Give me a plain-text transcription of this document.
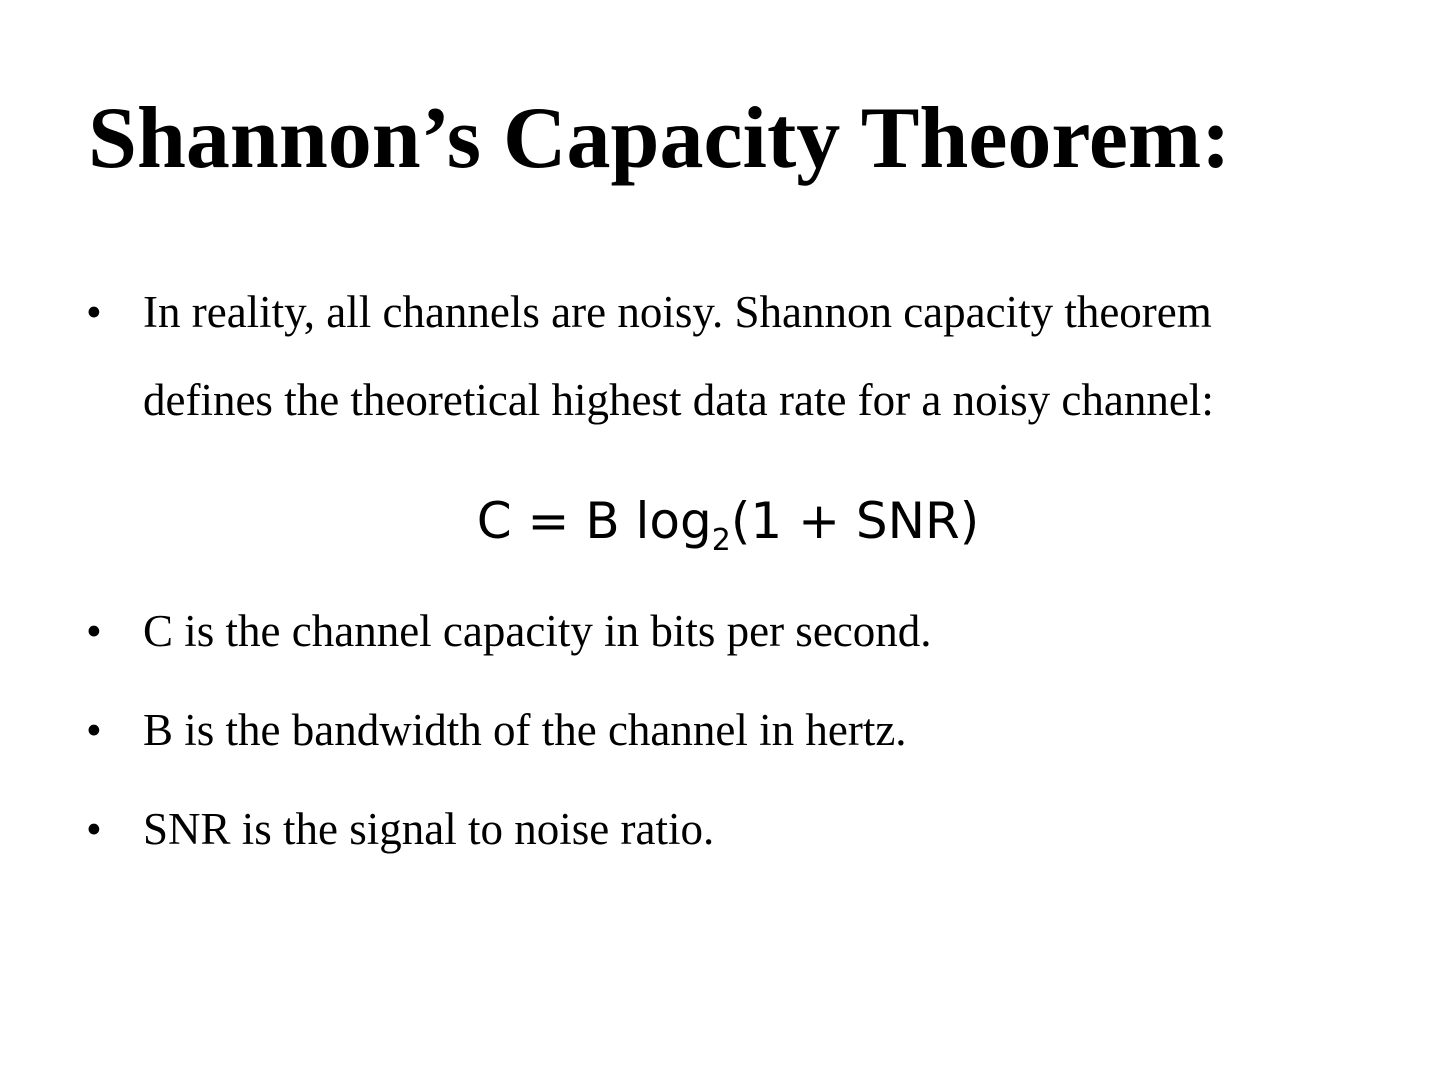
Shannon’s Capacity Theorem:
• In reality, all channels are noisy. Shannon capacity theorem
defines the theoretical highest data rate for a noisy channel:
C = B $\log_2(1 + SNR)$
• C is the channel capacity in bits per second.
• B is the bandwidth of the channel in hertz.
• SNR is the signal to noise ratio.
